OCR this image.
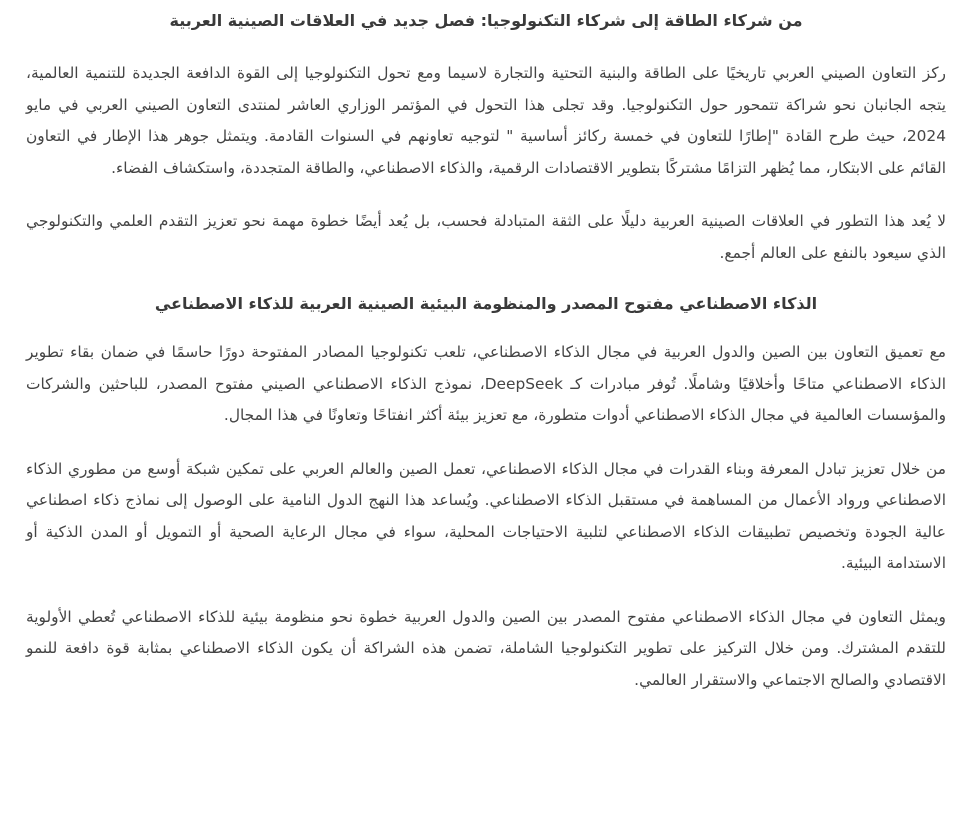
من شركاء الطاقة إلى شركاء التكنولوجيا: فصل جديد في العلاقات الصينية العربية

ركز التعاون الصيني العربي تاريخيًا على الطاقة والبنية التحتية والتجارة لاسيما ومع تحول التكنولوجيا إلى القوة الدافعة الجديدة للتنمية العالمية، يتجه الجانبان نحو شراكة تتمحور حول التكنولوجيا. وقد تجلى هذا التحول في المؤتمر الوزاري العاشر لمنتدى التعاون الصيني العربي في مايو 2024، حيث طرح القادة "إطارًا للتعاون في خمسة ركائز أساسية " لتوجيه تعاونهم في السنوات القادمة. ويتمثل جوهر هذا الإطار في التعاون القائم على الابتكار، مما يُظهر التزامًا مشتركًا بتطوير الاقتصادات الرقمية، والذكاء الاصطناعي، والطاقة المتجددة، واستكشاف الفضاء.

لا يُعد هذا التطور في العلاقات الصينية العربية دليلًا على الثقة المتبادلة فحسب، بل يُعد أيضًا خطوة مهمة نحو تعزيز التقدم العلمي والتكنولوجي الذي سيعود بالنفع على العالم أجمع.

الذكاء الاصطناعي مفتوح المصدر والمنظومة البيئية الصينية العربية للذكاء الاصطناعي

مع تعميق التعاون بين الصين والدول العربية في مجال الذكاء الاصطناعي، تلعب تكنولوجيا المصادر المفتوحة دورًا حاسمًا في ضمان بقاء تطوير الذكاء الاصطناعي متاحًا وأخلاقيًا وشاملًا. تُوفر مبادرات كـ DeepSeek، نموذج الذكاء الاصطناعي الصيني مفتوح المصدر، للباحثين والشركات والمؤسسات العالمية في مجال الذكاء الاصطناعي أدوات متطورة، مع تعزيز بيئة أكثر انفتاحًا وتعاونًا في هذا المجال.

من خلال تعزيز تبادل المعرفة وبناء القدرات في مجال الذكاء الاصطناعي، تعمل الصين والعالم العربي على تمكين شبكة أوسع من مطوري الذكاء الاصطناعي ورواد الأعمال من المساهمة في مستقبل الذكاء الاصطناعي. ويُساعد هذا النهج الدول النامية على الوصول إلى نماذج ذكاء اصطناعي عالية الجودة وتخصيص تطبيقات الذكاء الاصطناعي لتلبية الاحتياجات المحلية، سواء في مجال الرعاية الصحية أو التمويل أو المدن الذكية أو الاستدامة البيئية.

ويمثل التعاون في مجال الذكاء الاصطناعي مفتوح المصدر بين الصين والدول العربية خطوة نحو منظومة بيئية للذكاء الاصطناعي تُعطي الأولوية للتقدم المشترك. ومن خلال التركيز على تطوير التكنولوجيا الشاملة، تضمن هذه الشراكة أن يكون الذكاء الاصطناعي بمثابة قوة دافعة للنمو الاقتصادي والصالح الاجتماعي والاستقرار العالمي.
